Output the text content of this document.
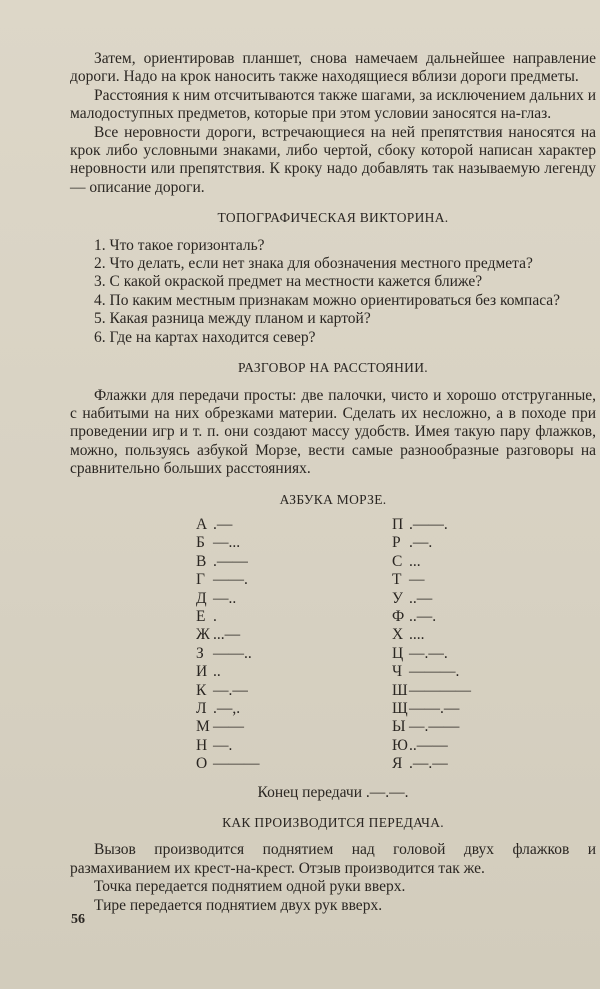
Затем, ориентировав планшет, снова намечаем дальнейшее направление дороги. Надо на крок наносить также находящиеся вблизи дороги предметы.

Расстояния к ним отсчитываются также шагами, за исключением дальних и малодоступных предметов, которые при этом условии заносятся на-глаз.

Все неровности дороги, встречающиеся на ней препятствия наносятся на крок либо условными знаками, либо чертой, сбоку которой написан характер неровности или препятствия. К кроку надо добавлять так называемую легенду — описание дороги.

ТОПОГРАФИЧЕСКАЯ ВИКТОРИНА.
1. Что такое горизонталь?
2. Что делать, если нет знака для обозначения местного предмета?
3. С какой окраской предмет на местности кажется ближе?
4. По каким местным признакам можно ориентироваться без компаса?
5. Какая разница между планом и картой?
6. Где на картах находится север?
РАЗГОВОР НА РАССТОЯНИИ.

Флажки для передачи просты: две палочки, чисто и хорошо отструганные, с набитыми на них обрезками материи. Сделать их несложно, а в походе при проведении игр и т. п. они создают массу удобств. Имея такую пару флажков, можно, пользуясь азбукой Морзе, вести самые разнообразные разговоры на сравнительно больших расстояниях.

АЗБУКА МОРЗЕ.
А .—
Б —...
В .——
Г ——.
Д —..
Е .
Ж ...—
З ——..
И ..
К —.—
Л .—,.
М ——
Н —.
О ———
П .——.
Р .—.
С ...
Т —
У ..—
Ф ..—.
Х ....
Ц —.—.
Ч ———.
Ш————
Щ——.—
Ы —.——
Ю..——
Я .—.—
Конец передачи .—.—.
КАК ПРОИЗВОДИТСЯ ПЕРЕДАЧА.

Вызов производится поднятием над головой двух флажков и размахиванием их крест-на-крест. Отзыв производится так же.

Точка передается поднятием одной руки вверх.

Тире передается поднятием двух рук вверх.

56
